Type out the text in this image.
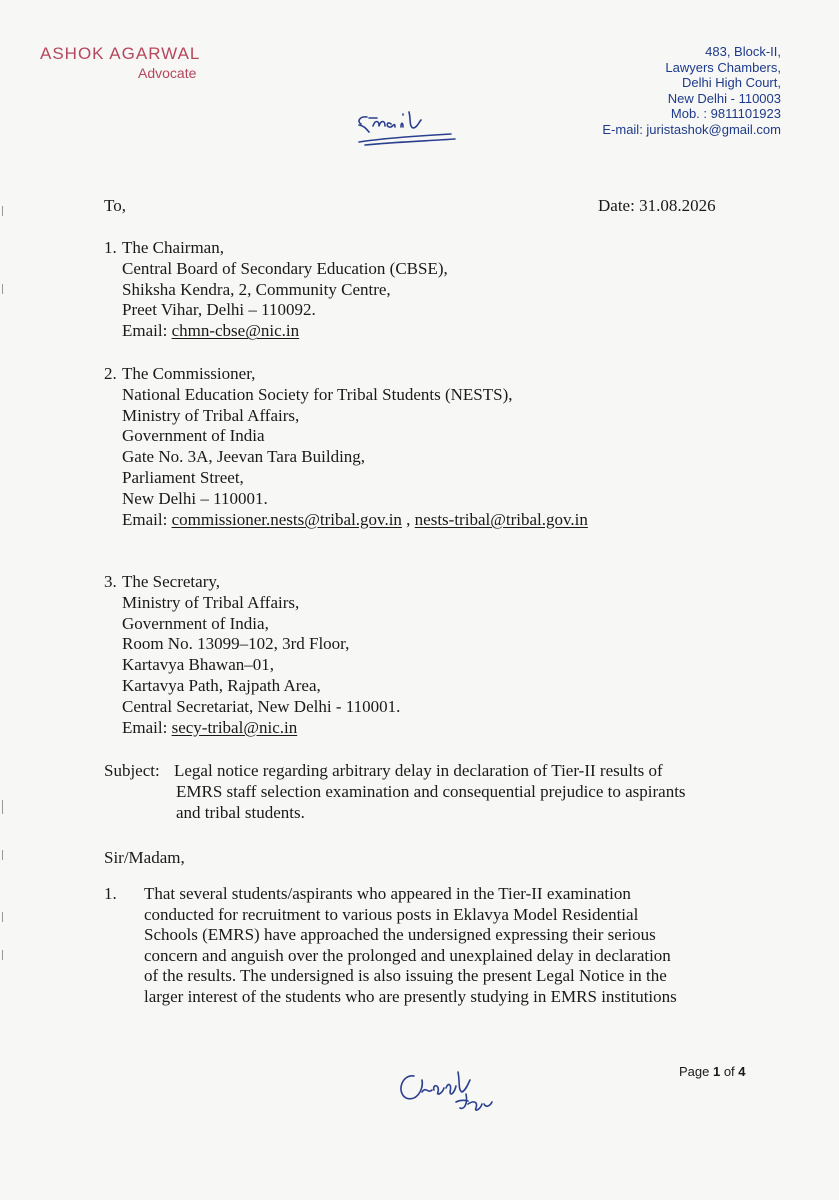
ASHOK AGARWAL
Advocate
483, Block-II,
Lawyers Chambers,
Delhi High Court,
New Delhi - 110003
Mob. : 9811101923
E-mail: juristashok@gmail.com
To,	Date: 31.08.2026
1. The Chairman,
Central Board of Secondary Education (CBSE),
Shiksha Kendra, 2, Community Centre,
Preet Vihar, Delhi – 110092.
Email: chmn-cbse@nic.in
2. The Commissioner,
National Education Society for Tribal Students (NESTS),
Ministry of Tribal Affairs,
Government of India
Gate No. 3A, Jeevan Tara Building,
Parliament Street,
New Delhi – 110001.
Email: commissioner.nests@tribal.gov.in , nests-tribal@tribal.gov.in
3. The Secretary,
Ministry of Tribal Affairs,
Government of India,
Room No. 13099–102, 3rd Floor,
Kartavya Bhawan–01,
Kartavya Path, Rajpath Area,
Central Secretariat, New Delhi - 110001.
Email: secy-tribal@nic.in
Subject: Legal notice regarding arbitrary delay in declaration of Tier-II results of
EMRS staff selection examination and consequential prejudice to aspirants
and tribal students.
Sir/Madam,
1. That several students/aspirants who appeared in the Tier-II examination
conducted for recruitment to various posts in Eklavya Model Residential
Schools (EMRS) have approached the undersigned expressing their serious
concern and anguish over the prolonged and unexplained delay in declaration
of the results. The undersigned is also issuing the present Legal Notice in the
larger interest of the students who are presently studying in EMRS institutions
Page 1 of 4
